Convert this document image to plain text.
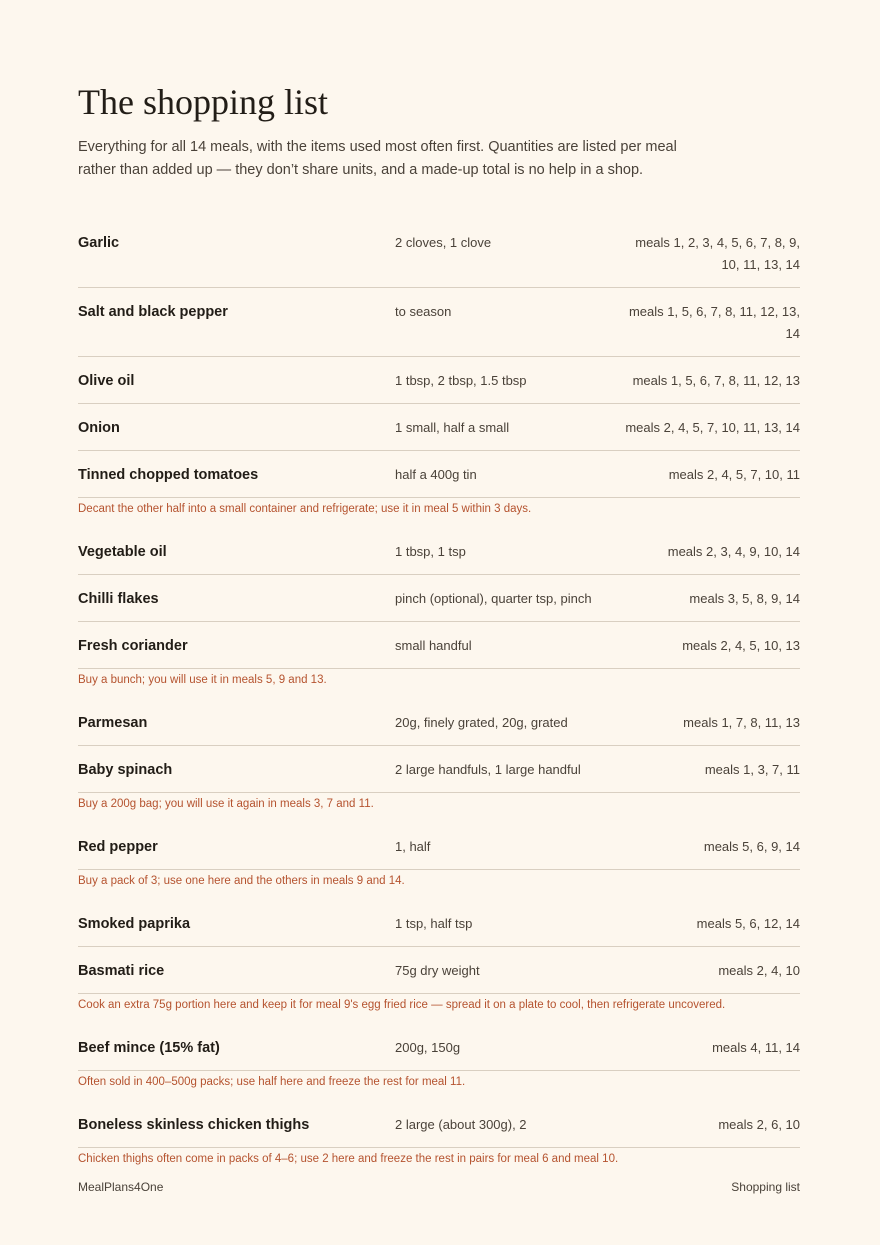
The shopping list

Everything for all 14 meals, with the items used most often first. Quantities are listed per meal rather than added up — they don’t share units, and a made-up total is no help in a shop.

Garlic	2 cloves, 1 clove	meals 1, 2, 3, 4, 5, 6, 7, 8, 9, 10, 11, 13, 14
Salt and black pepper	to season	meals 1, 5, 6, 7, 8, 11, 12, 13, 14
Olive oil	1 tbsp, 2 tbsp, 1.5 tbsp	meals 1, 5, 6, 7, 8, 11, 12, 13
Onion	1 small, half a small	meals 2, 4, 5, 7, 10, 11, 13, 14
Tinned chopped tomatoes	half a 400g tin	meals 2, 4, 5, 7, 10, 11
Decant the other half into a small container and refrigerate; use it in meal 5 within 3 days.
Vegetable oil	1 tbsp, 1 tsp	meals 2, 3, 4, 9, 10, 14
Chilli flakes	pinch (optional), quarter tsp, pinch	meals 3, 5, 8, 9, 14
Fresh coriander	small handful	meals 2, 4, 5, 10, 13
Buy a bunch; you will use it in meals 5, 9 and 13.
Parmesan	20g, finely grated, 20g, grated	meals 1, 7, 8, 11, 13
Baby spinach	2 large handfuls, 1 large handful	meals 1, 3, 7, 11
Buy a 200g bag; you will use it again in meals 3, 7 and 11.
Red pepper	1, half	meals 5, 6, 9, 14
Buy a pack of 3; use one here and the others in meals 9 and 14.
Smoked paprika	1 tsp, half tsp	meals 5, 6, 12, 14
Basmati rice	75g dry weight	meals 2, 4, 10
Cook an extra 75g portion here and keep it for meal 9's egg fried rice — spread it on a plate to cool, then refrigerate uncovered.
Beef mince (15% fat)	200g, 150g	meals 4, 11, 14
Often sold in 400–500g packs; use half here and freeze the rest for meal 11.
Boneless skinless chicken thighs	2 large (about 300g), 2	meals 2, 6, 10
Chicken thighs often come in packs of 4–6; use 2 here and freeze the rest in pairs for meal 6 and meal 10.
MealPlans4One	Shopping list
